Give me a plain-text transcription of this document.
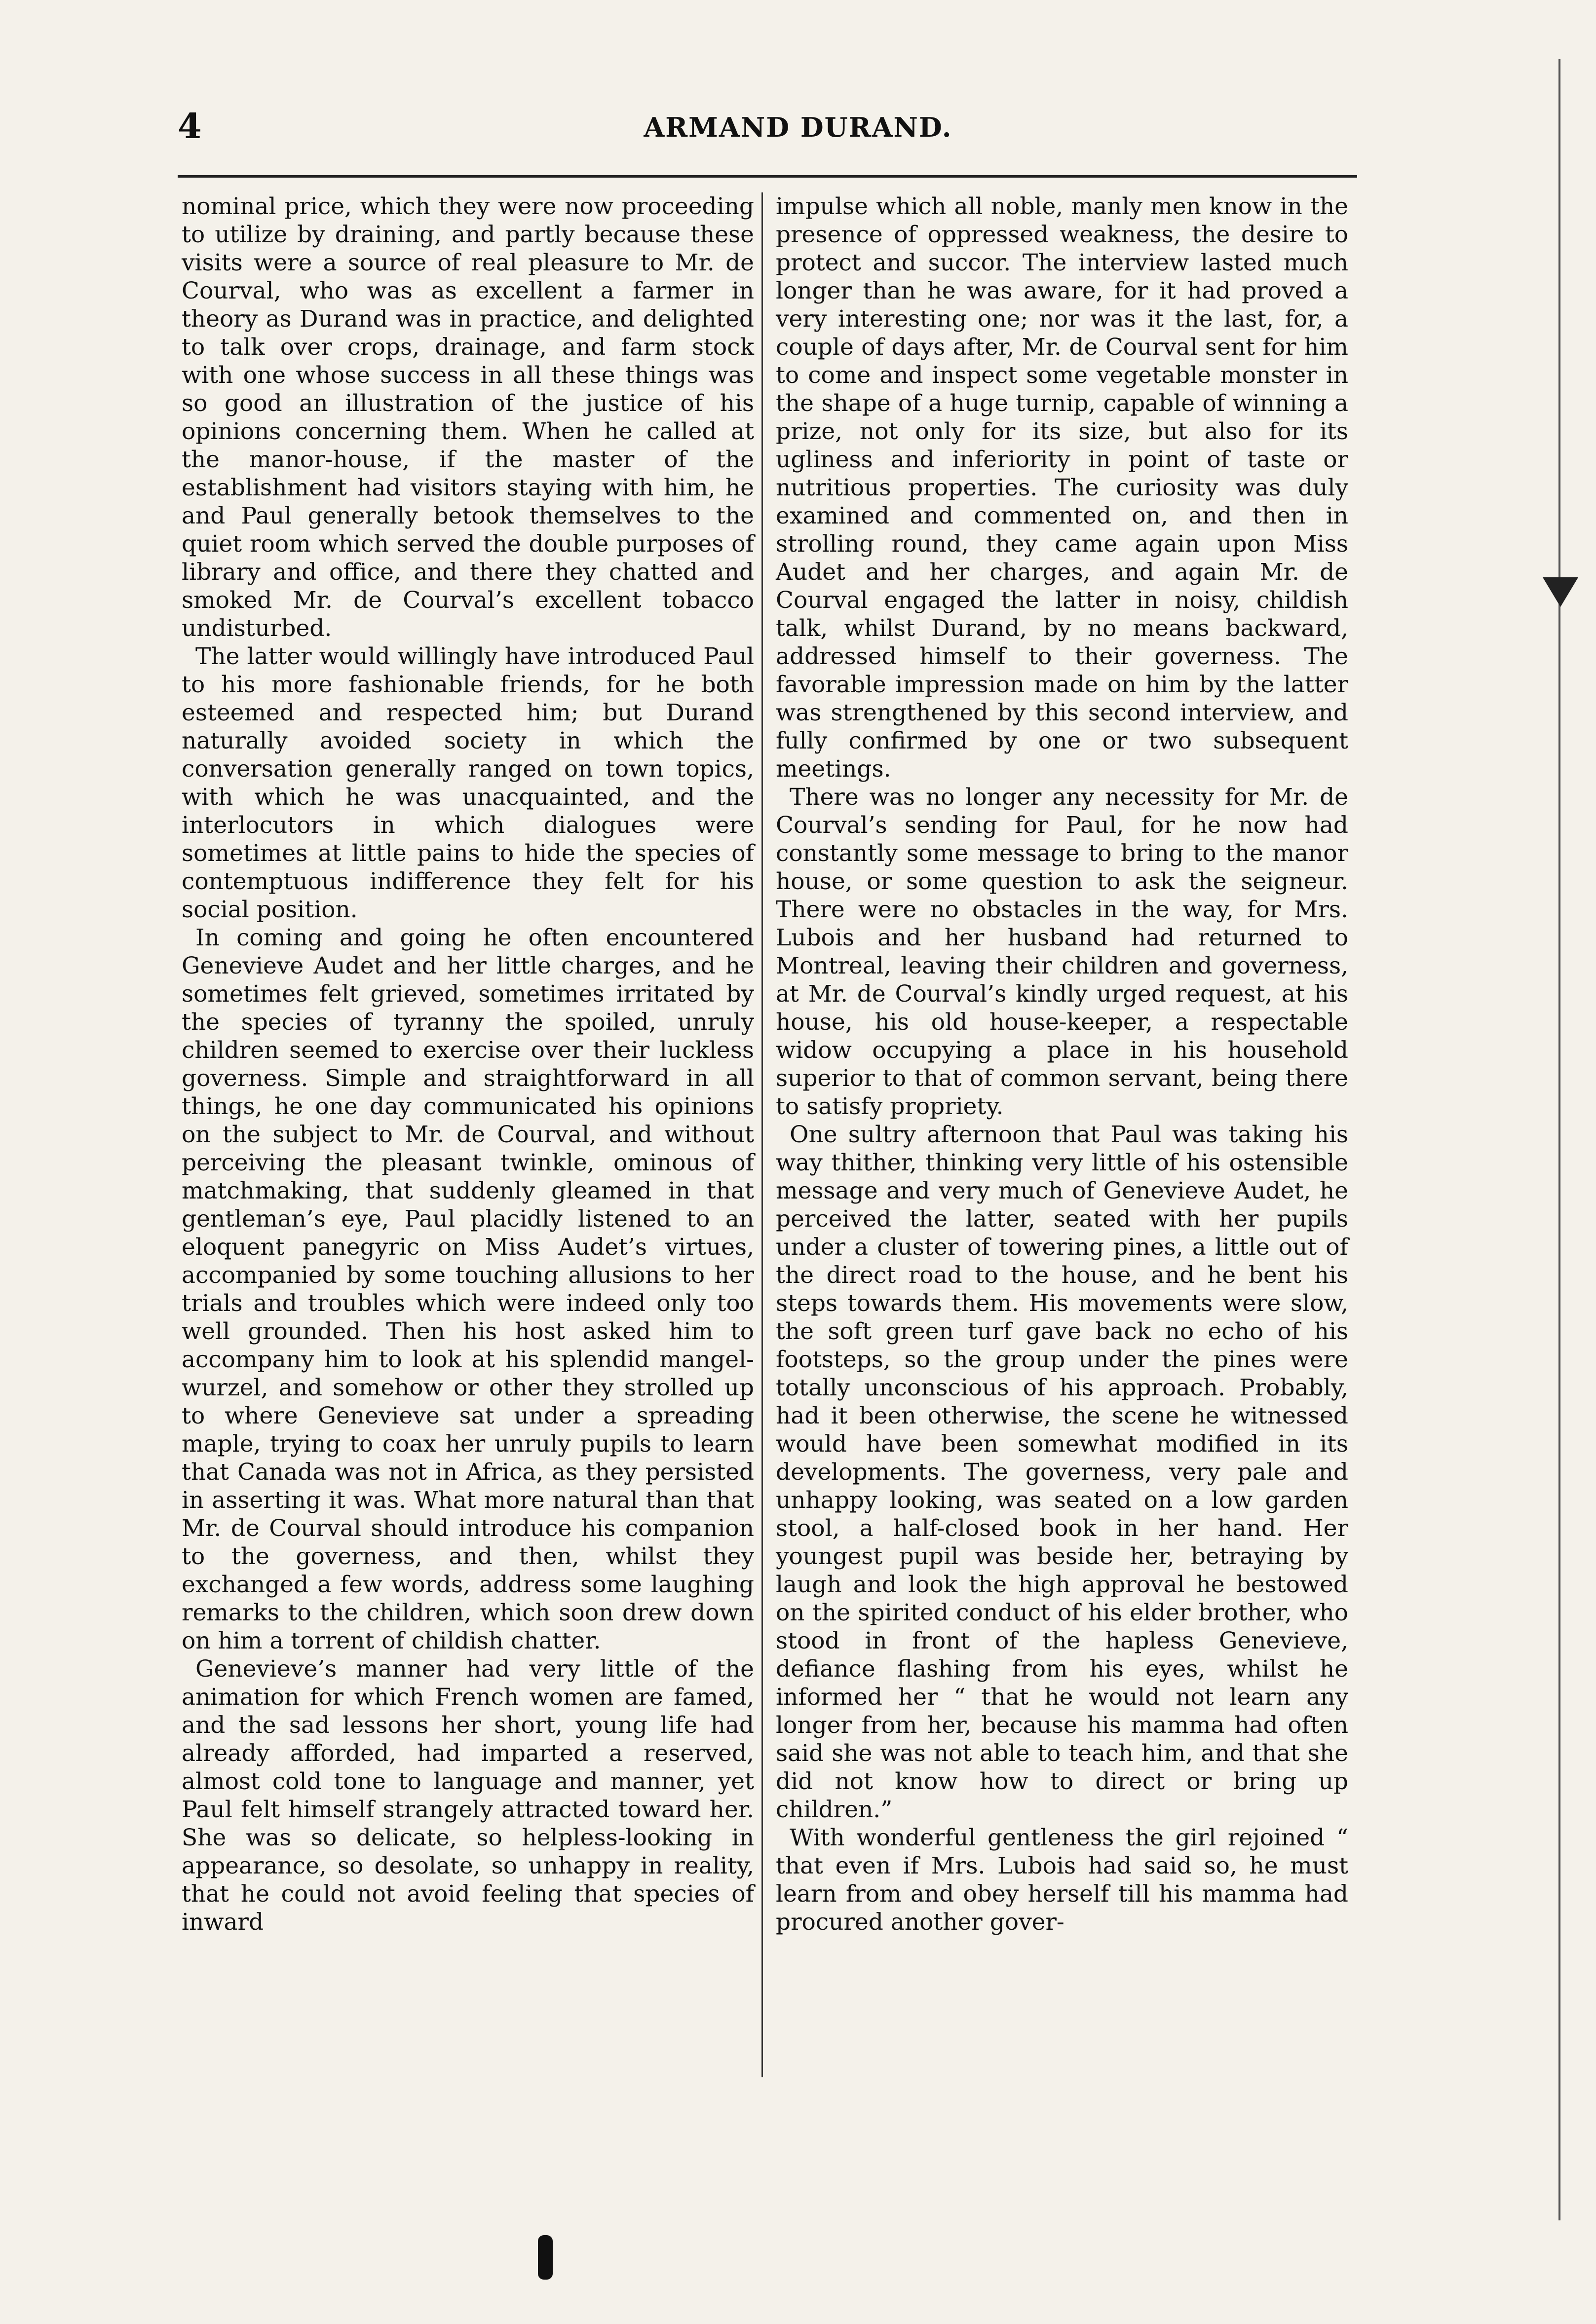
4	ARMAND DURAND.

nominal price, which they were now proceeding to utilize by draining, and partly because these visits were a source of real pleasure to Mr. de Courval, who was as excellent a farmer in theory as Durand was in practice, and delighted to talk over crops, drainage, and farm stock with one whose success in all these things was so good an illustration of the justice of his opinions concerning them. When he called at the manor-house, if the master of the establishment had visitors staying with him, he and Paul generally betook themselves to the quiet room which served the double purposes of library and office, and there they chatted and smoked Mr. de Courval’s excellent tobacco undisturbed.

The latter would willingly have introduced Paul to his more fashionable friends, for he both esteemed and respected him; but Durand naturally avoided society in which the conversation generally ranged on town topics, with which he was unacquainted, and the interlocutors in which dialogues were sometimes at little pains to hide the species of contemptuous indifference they felt for his social position.

In coming and going he often encountered Genevieve Audet and her little charges, and he sometimes felt grieved, sometimes irritated by the species of tyranny the spoiled, unruly children seemed to exercise over their luckless governess. Simple and straightforward in all things, he one day communicated his opinions on the subject to Mr. de Courval, and without perceiving the pleasant twinkle, ominous of matchmaking, that suddenly gleamed in that gentleman’s eye, Paul placidly listened to an eloquent panegyric on Miss Audet’s virtues, accompanied by some touching allusions to her trials and troubles which were indeed only too well grounded. Then his host asked him to accompany him to look at his splendid mangel-wurzel, and somehow or other they strolled up to where Genevieve sat under a spreading maple, trying to coax her unruly pupils to learn that Canada was not in Africa, as they persisted in asserting it was. What more natural than that Mr. de Courval should introduce his companion to the governess, and then, whilst they exchanged a few words, address some laughing remarks to the children, which soon drew down on him a torrent of childish chatter.

Genevieve’s manner had very little of the animation for which French women are famed, and the sad lessons her short, young life had already afforded, had imparted a reserved, almost cold tone to language and manner, yet Paul felt himself strangely attracted toward her. She was so delicate, so helpless-looking in appearance, so desolate, so unhappy in reality, that he could not avoid feeling that species of inward

impulse which all noble, manly men know in the presence of oppressed weakness, the desire to protect and succor. The interview lasted much longer than he was aware, for it had proved a very interesting one; nor was it the last, for, a couple of days after, Mr. de Courval sent for him to come and inspect some vegetable monster in the shape of a huge turnip, capable of winning a prize, not only for its size, but also for its ugliness and inferiority in point of taste or nutritious properties. The curiosity was duly examined and commented on, and then in strolling round, they came again upon Miss Audet and her charges, and again Mr. de Courval engaged the latter in noisy, childish talk, whilst Durand, by no means backward, addressed himself to their governess. The favorable impression made on him by the latter was strengthened by this second interview, and fully confirmed by one or two subsequent meetings.

There was no longer any necessity for Mr. de Courval’s sending for Paul, for he now had constantly some message to bring to the manor house, or some question to ask the seigneur. There were no obstacles in the way, for Mrs. Lubois and her husband had returned to Montreal, leaving their children and governess, at Mr. de Courval’s kindly urged request, at his house, his old house-keeper, a respectable widow occupying a place in his household superior to that of common servant, being there to satisfy propriety.

One sultry afternoon that Paul was taking his way thither, thinking very little of his ostensible message and very much of Genevieve Audet, he perceived the latter, seated with her pupils under a cluster of towering pines, a little out of the direct road to the house, and he bent his steps towards them. His movements were slow, the soft green turf gave back no echo of his footsteps, so the group under the pines were totally unconscious of his approach. Probably, had it been otherwise, the scene he witnessed would have been somewhat modified in its developments. The governess, very pale and unhappy looking, was seated on a low garden stool, a half-closed book in her hand. Her youngest pupil was beside her, betraying by laugh and look the high approval he bestowed on the spirited conduct of his elder brother, who stood in front of the hapless Genevieve, defiance flashing from his eyes, whilst he informed her “ that he would not learn any longer from her, because his mamma had often said she was not able to teach him, and that she did not know how to direct or bring up children.”

With wonderful gentleness the girl rejoined “ that even if Mrs. Lubois had said so, he must learn from and obey herself till his mamma had procured another gover-
